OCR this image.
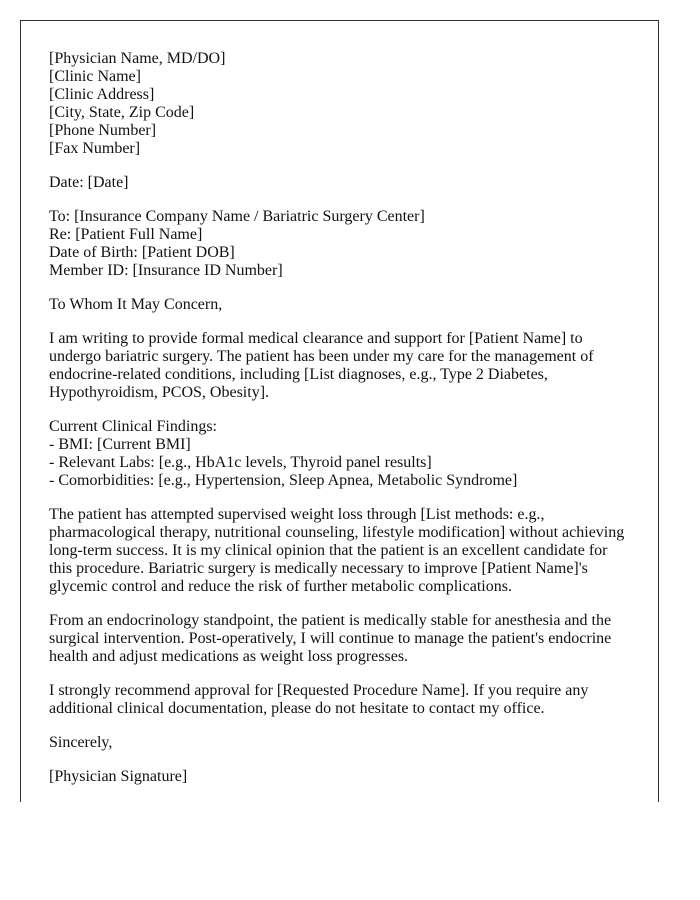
[Physician Name, MD/DO]
[Clinic Name]
[Clinic Address]
[City, State, Zip Code]
[Phone Number]
[Fax Number]
Date: [Date]
To: [Insurance Company Name / Bariatric Surgery Center]
Re: [Patient Full Name]
Date of Birth: [Patient DOB]
Member ID: [Insurance ID Number]
To Whom It May Concern,
I am writing to provide formal medical clearance and support for [Patient Name] to
undergo bariatric surgery. The patient has been under my care for the management of
endocrine-related conditions, including [List diagnoses, e.g., Type 2 Diabetes,
Hypothyroidism, PCOS, Obesity].
Current Clinical Findings:
- BMI: [Current BMI]
- Relevant Labs: [e.g., HbA1c levels, Thyroid panel results]
- Comorbidities: [e.g., Hypertension, Sleep Apnea, Metabolic Syndrome]
The patient has attempted supervised weight loss through [List methods: e.g.,
pharmacological therapy, nutritional counseling, lifestyle modification] without achieving
long-term success. It is my clinical opinion that the patient is an excellent candidate for
this procedure. Bariatric surgery is medically necessary to improve [Patient Name]'s
glycemic control and reduce the risk of further metabolic complications.
From an endocrinology standpoint, the patient is medically stable for anesthesia and the
surgical intervention. Post-operatively, I will continue to manage the patient's endocrine
health and adjust medications as weight loss progresses.
I strongly recommend approval for [Requested Procedure Name]. If you require any
additional clinical documentation, please do not hesitate to contact my office.
Sincerely,
[Physician Signature]
